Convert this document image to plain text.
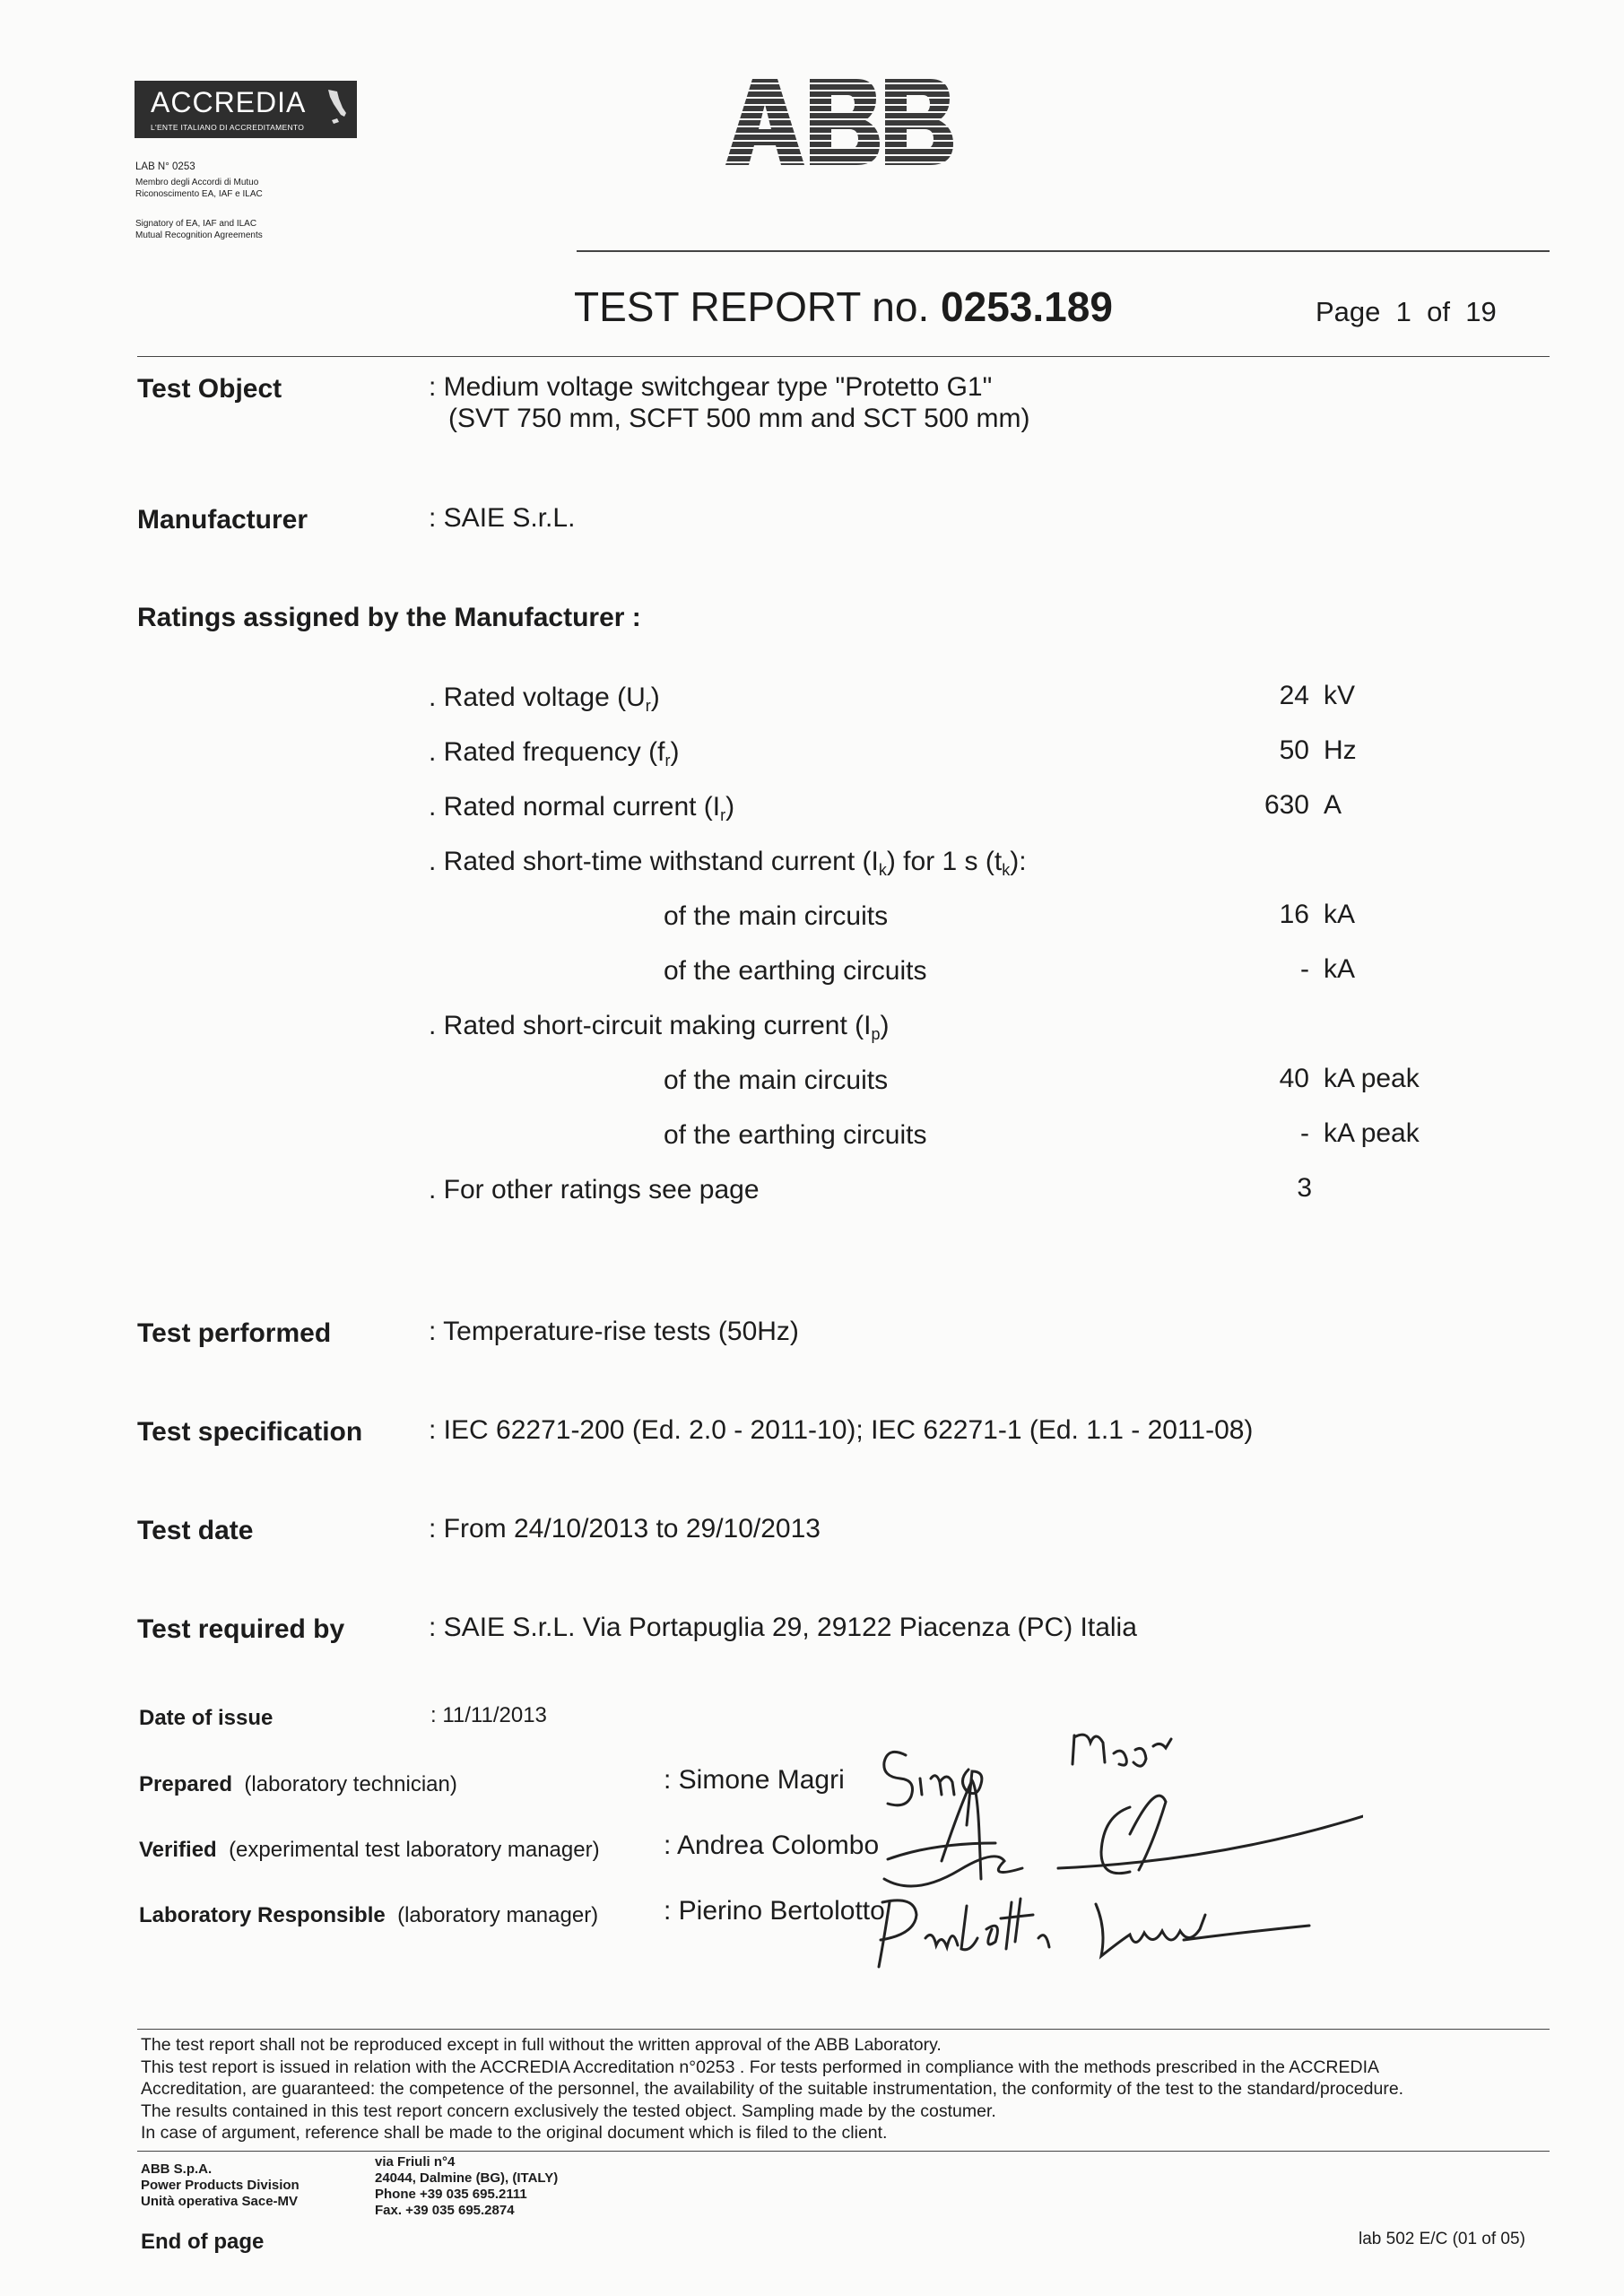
ACCREDIA
L'ENTE ITALIANO DI ACCREDITAMENTO
LAB N° 0253
Membro degli Accordi di Mutuo
Riconoscimento EA, IAF e ILAC
Signatory of EA, IAF and ILAC
Mutual Recognition Agreements
TEST REPORT no. 0253.189	Page 1 of 19
Test Object	: Medium voltage switchgear type "Protetto G1"
(SVT 750 mm, SCFT 500 mm and SCT 500 mm)
Manufacturer	: SAIE S.r.L.
Ratings assigned by the Manufacturer :
. Rated voltage $(U_r)$	24 kV
. Rated frequency $(f_r)$	50 Hz
. Rated normal current $(I_r)$	630 A
. Rated short-time withstand current $(I_k)$ for 1 s $(t_k)$:
of the main circuits	16 kA
of the earthing circuits	- kA
. Rated short-circuit making current $(I_p)$
of the main circuits	40 kA peak
of the earthing circuits	- kA peak
. For other ratings see page	3
Test performed	: Temperature-rise tests (50Hz)
Test specification : IEC 62271-200 (Ed. 2.0 - 2011-10); IEC 62271-1 (Ed. 1.1 - 2011-08)
Test date	: From 24/10/2013 to 29/10/2013
Test required by	: SAIE S.r.L. Via Portapuglia 29, 29122 Piacenza (PC) Italia
Date of issue	: 11/11/2013
Prepared (laboratory technician)	: Simone Magri
Verified (experimental test laboratory manager) : Andrea Colombo
Laboratory Responsible (laboratory manager) : Pierino Bertolotto

The test report shall not be reproduced except in full without the written approval of the ABB Laboratory.

This test report is issued in relation with the ACCREDIA Accreditation n°0253 . For tests performed in compliance with the methods prescribed in the ACCREDIA

Accreditation, are guaranteed: the competence of the personnel, the availability of the suitable instrumentation, the conformity of the test to the standard/procedure.

The results contained in this test report concern exclusively the tested object. Sampling made by the costumer.

In case of argument, reference shall be made to the original document which is filed to the client.

ABB S.p.A.
Power Products Division
Unità operativa Sace-MV
via Friuli n°4
24044, Dalmine (BG), (ITALY)
Phone +39 035 695.2111
Fax. +39 035 695.2874
End of page	lab 502 E/C (01 of 05)
